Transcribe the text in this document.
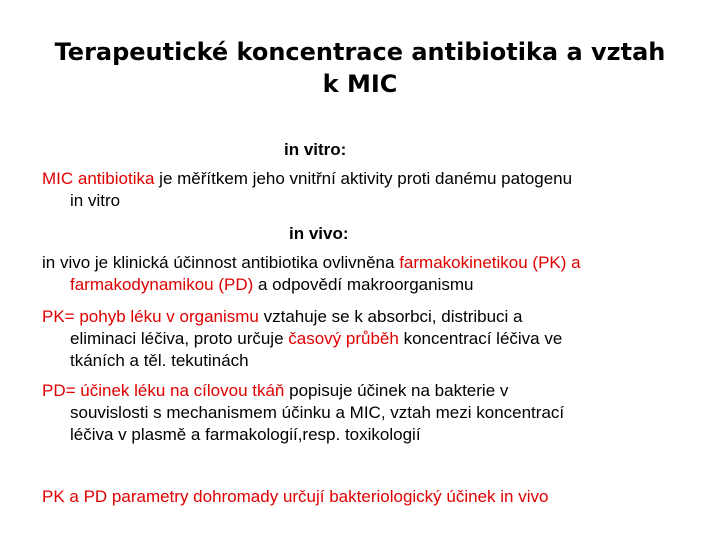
Terapeutické koncentrace antibiotika a vztah
k MIC
in vitro:
MIC antibiotika je měřítkem jeho vnitřní aktivity proti danému patogenu
in vitro
in vivo:
in vivo je klinická účinnost antibiotika ovlivněna farmakokinetikou (PK) a
farmakodynamikou (PD) a odpovědí makroorganismu
PK= pohyb léku v organismu vztahuje se k absorbci, distribuci a
eliminaci léčiva, proto určuje časový průběh koncentrací léčiva ve
tkáních a těl. tekutinách
PD= účinek léku na cílovou tkáň popisuje účinek na bakterie v
souvislosti s mechanismem účinku a MIC, vztah mezi koncentrací
léčiva v plasmě a farmakologií,resp. toxikologií
PK a PD parametry dohromady určují bakteriologický účinek in vivo
